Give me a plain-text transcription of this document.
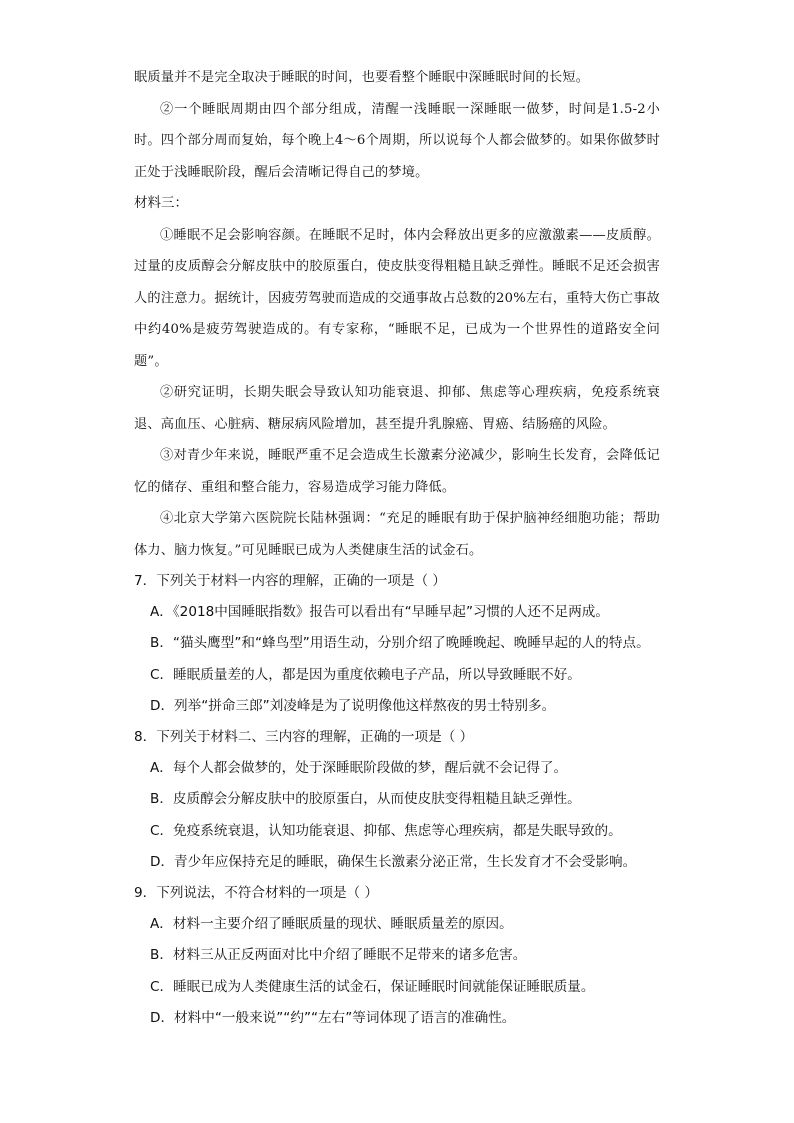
眠质量并不是完全取决于睡眠的时间，也要看整个睡眠中深睡眠时间的长短。

②一个睡眠周期由四个部分组成，清醒一浅睡眠一深睡眠一做梦，时间是1.5-2小时。四个部分周而复始，每个晚上4～6个周期，所以说每个人都会做梦的。如果你做梦时正处于浅睡眠阶段，醒后会清晰记得自己的梦境。

材料三：

①睡眠不足会影响容颜。在睡眠不足时，体内会释放出更多的应激激素——皮质醇。过量的皮质醇会分解皮肤中的胶原蛋白，使皮肤变得粗糙且缺乏弹性。睡眠不足还会损害人的注意力。据统计，因疲劳驾驶而造成的交通事故占总数的20%左右，重特大伤亡事故中约40%是疲劳驾驶造成的。有专家称，“睡眠不足，已成为一个世界性的道路安全问题”。

②研究证明，长期失眠会导致认知功能衰退、抑郁、焦虑等心理疾病，免疫系统衰退、高血压、心脏病、糖尿病风险增加，甚至提升乳腺癌、胃癌、结肠癌的风险。

③对青少年来说，睡眠严重不足会造成生长激素分泌减少，影响生长发育，会降低记忆的储存、重组和整合能力，容易造成学习能力降低。

④北京大学第六医院院长陆林强调：“充足的睡眠有助于保护脑神经细胞功能；帮助体力、脑力恢复。”可见睡眠已成为人类健康生活的试金石。

7．下列关于材料一内容的理解，正确的一项是（ ）

A．《2018中国睡眠指数》报告可以看出有“早睡早起”习惯的人还不足两成。

B．“猫头鹰型”和“蜂鸟型”用语生动，分别介绍了晚睡晚起、晚睡早起的人的特点。

C．睡眠质量差的人，都是因为重度依赖电子产品，所以导致睡眠不好。

D．列举“拼命三郎”刘凌峰是为了说明像他这样熬夜的男士特别多。

8．下列关于材料二、三内容的理解，正确的一项是（ ）

A．每个人都会做梦的，处于深睡眠阶段做的梦，醒后就不会记得了。

B．皮质醇会分解皮肤中的胶原蛋白，从而使皮肤变得粗糙且缺乏弹性。

C．免疫系统衰退，认知功能衰退、抑郁、焦虑等心理疾病，都是失眠导致的。

D．青少年应保持充足的睡眠，确保生长激素分泌正常，生长发育才不会受影响。

9．下列说法，不符合材料的一项是（ ）

A．材料一主要介绍了睡眠质量的现状、睡眠质量差的原因。

B．材料三从正反两面对比中介绍了睡眠不足带来的诸多危害。

C．睡眠已成为人类健康生活的试金石，保证睡眠时间就能保证睡眠质量。

D．材料中“一般来说”“约”“左右”等词体现了语言的准确性。
